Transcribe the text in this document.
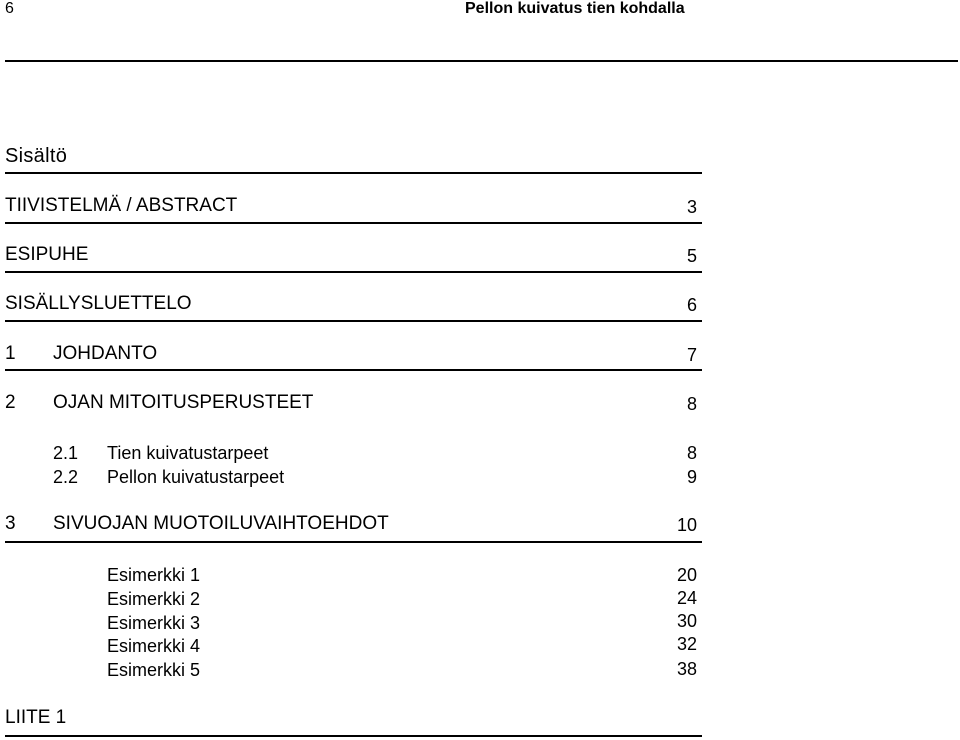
6	Pellon kuivatus tien kohdalla
Sisältö
TIIVISTELMÄ / ABSTRACT	3
ESIPUHE	5
SISÄLLYSLUETTELO	6
1 JOHDANTO	7
2 OJAN MITOITUSPERUSTEET	8
2.1 Tien kuivatustarpeet	8
2.2 Pellon kuivatustarpeet	9
3 SIVUOJAN MUOTOILUVAIHTOEHDOT	10
Esimerkki 1	20
Esimerkki 2	24
Esimerkki 3	30
Esimerkki 4	32
Esimerkki 5	38
LIITE 1
